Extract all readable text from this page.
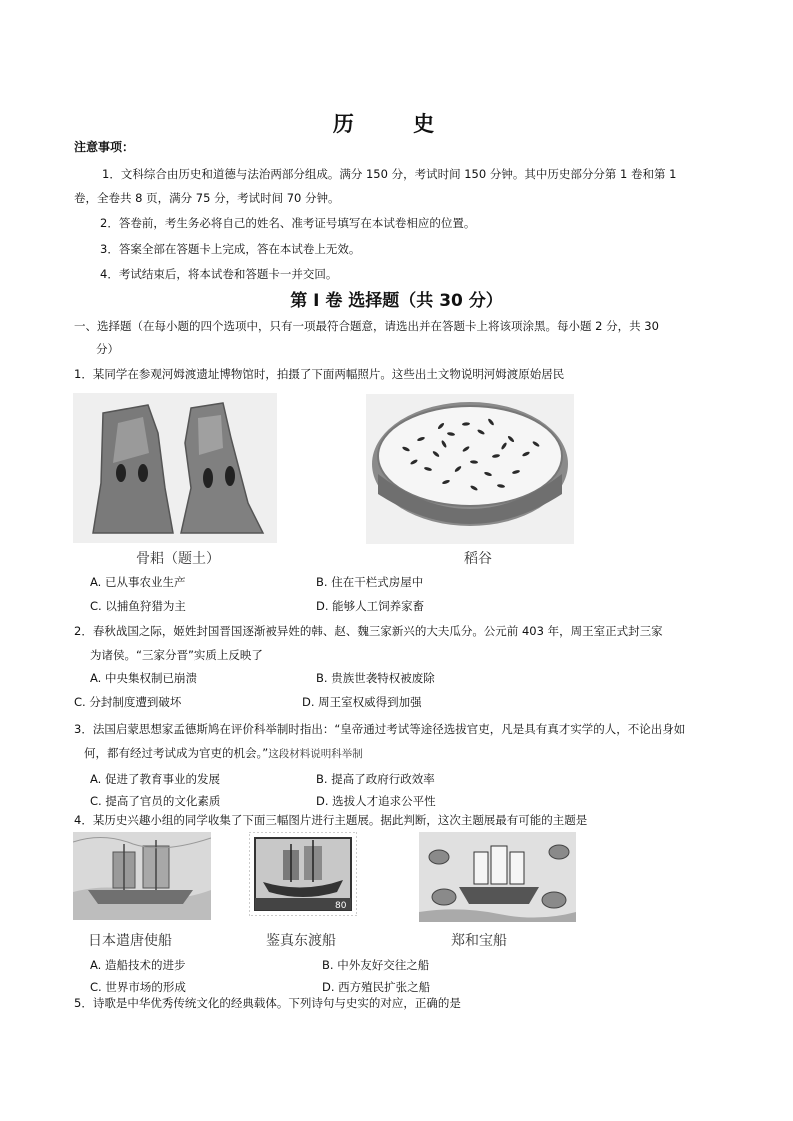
历 史
注意事项：
1．文科综合由历史和道德与法治两部分组成。满分 150 分，考试时间 150 分钟。其中历史部分分第 1 卷和第 1
卷，全卷共 8 页，满分 75 分，考试时间 70 分钟。
2．答卷前，考生务必将自己的姓名、准考证号填写在本试卷相应的位置。
3．答案全部在答题卡上完成，答在本试卷上无效。
4．考试结束后，将本试卷和答题卡一并交回。
第 I 卷 选择题（共 30 分）
一、选择题（在每小题的四个选项中，只有一项最符合题意，请选出并在答题卡上将该项涂黑。每小题 2 分，共 30
分）
1．某同学在参观河姆渡遗址博物馆时，拍摄了下面两幅照片。这些出土文物说明河姆渡原始居民
骨耜（题土）	稻谷
A. 已从事农业生产	B. 住在干栏式房屋中
C. 以捕鱼狩猎为主	D. 能够人工饲养家畜
2．春秋战国之际，姬姓封国晋国逐渐被异姓的韩、赵、魏三家新兴的大夫瓜分。公元前 403 年，周王室正式封三家
为诸侯。“三家分晋”实质上反映了
A. 中央集权制已崩溃	B. 贵族世袭特权被废除
C. 分封制度遭到破坏	D. 周王室权威得到加强
3．法国启蒙思想家孟德斯鸠在评价科举制时指出：“皇帝通过考试等途径选拔官吏，凡是具有真才实学的人，不论出身如
何，都有经过考试成为官吏的机会。”这段材料说明科举制
A. 促进了教育事业的发展	B. 提高了政府行政效率
C. 提高了官员的文化素质	D. 选拔人才追求公平性
4．某历史兴趣小组的同学收集了下面三幅图片进行主题展。据此判断，这次主题展最有可能的主题是
日本遣唐使船
80
鉴真东渡船	郑和宝船
A. 造船技术的进步	B. 中外友好交往之船
C. 世界市场的形成	D. 西方殖民扩张之船
5．诗歌是中华优秀传统文化的经典载体。下列诗句与史实的对应，正确的是
